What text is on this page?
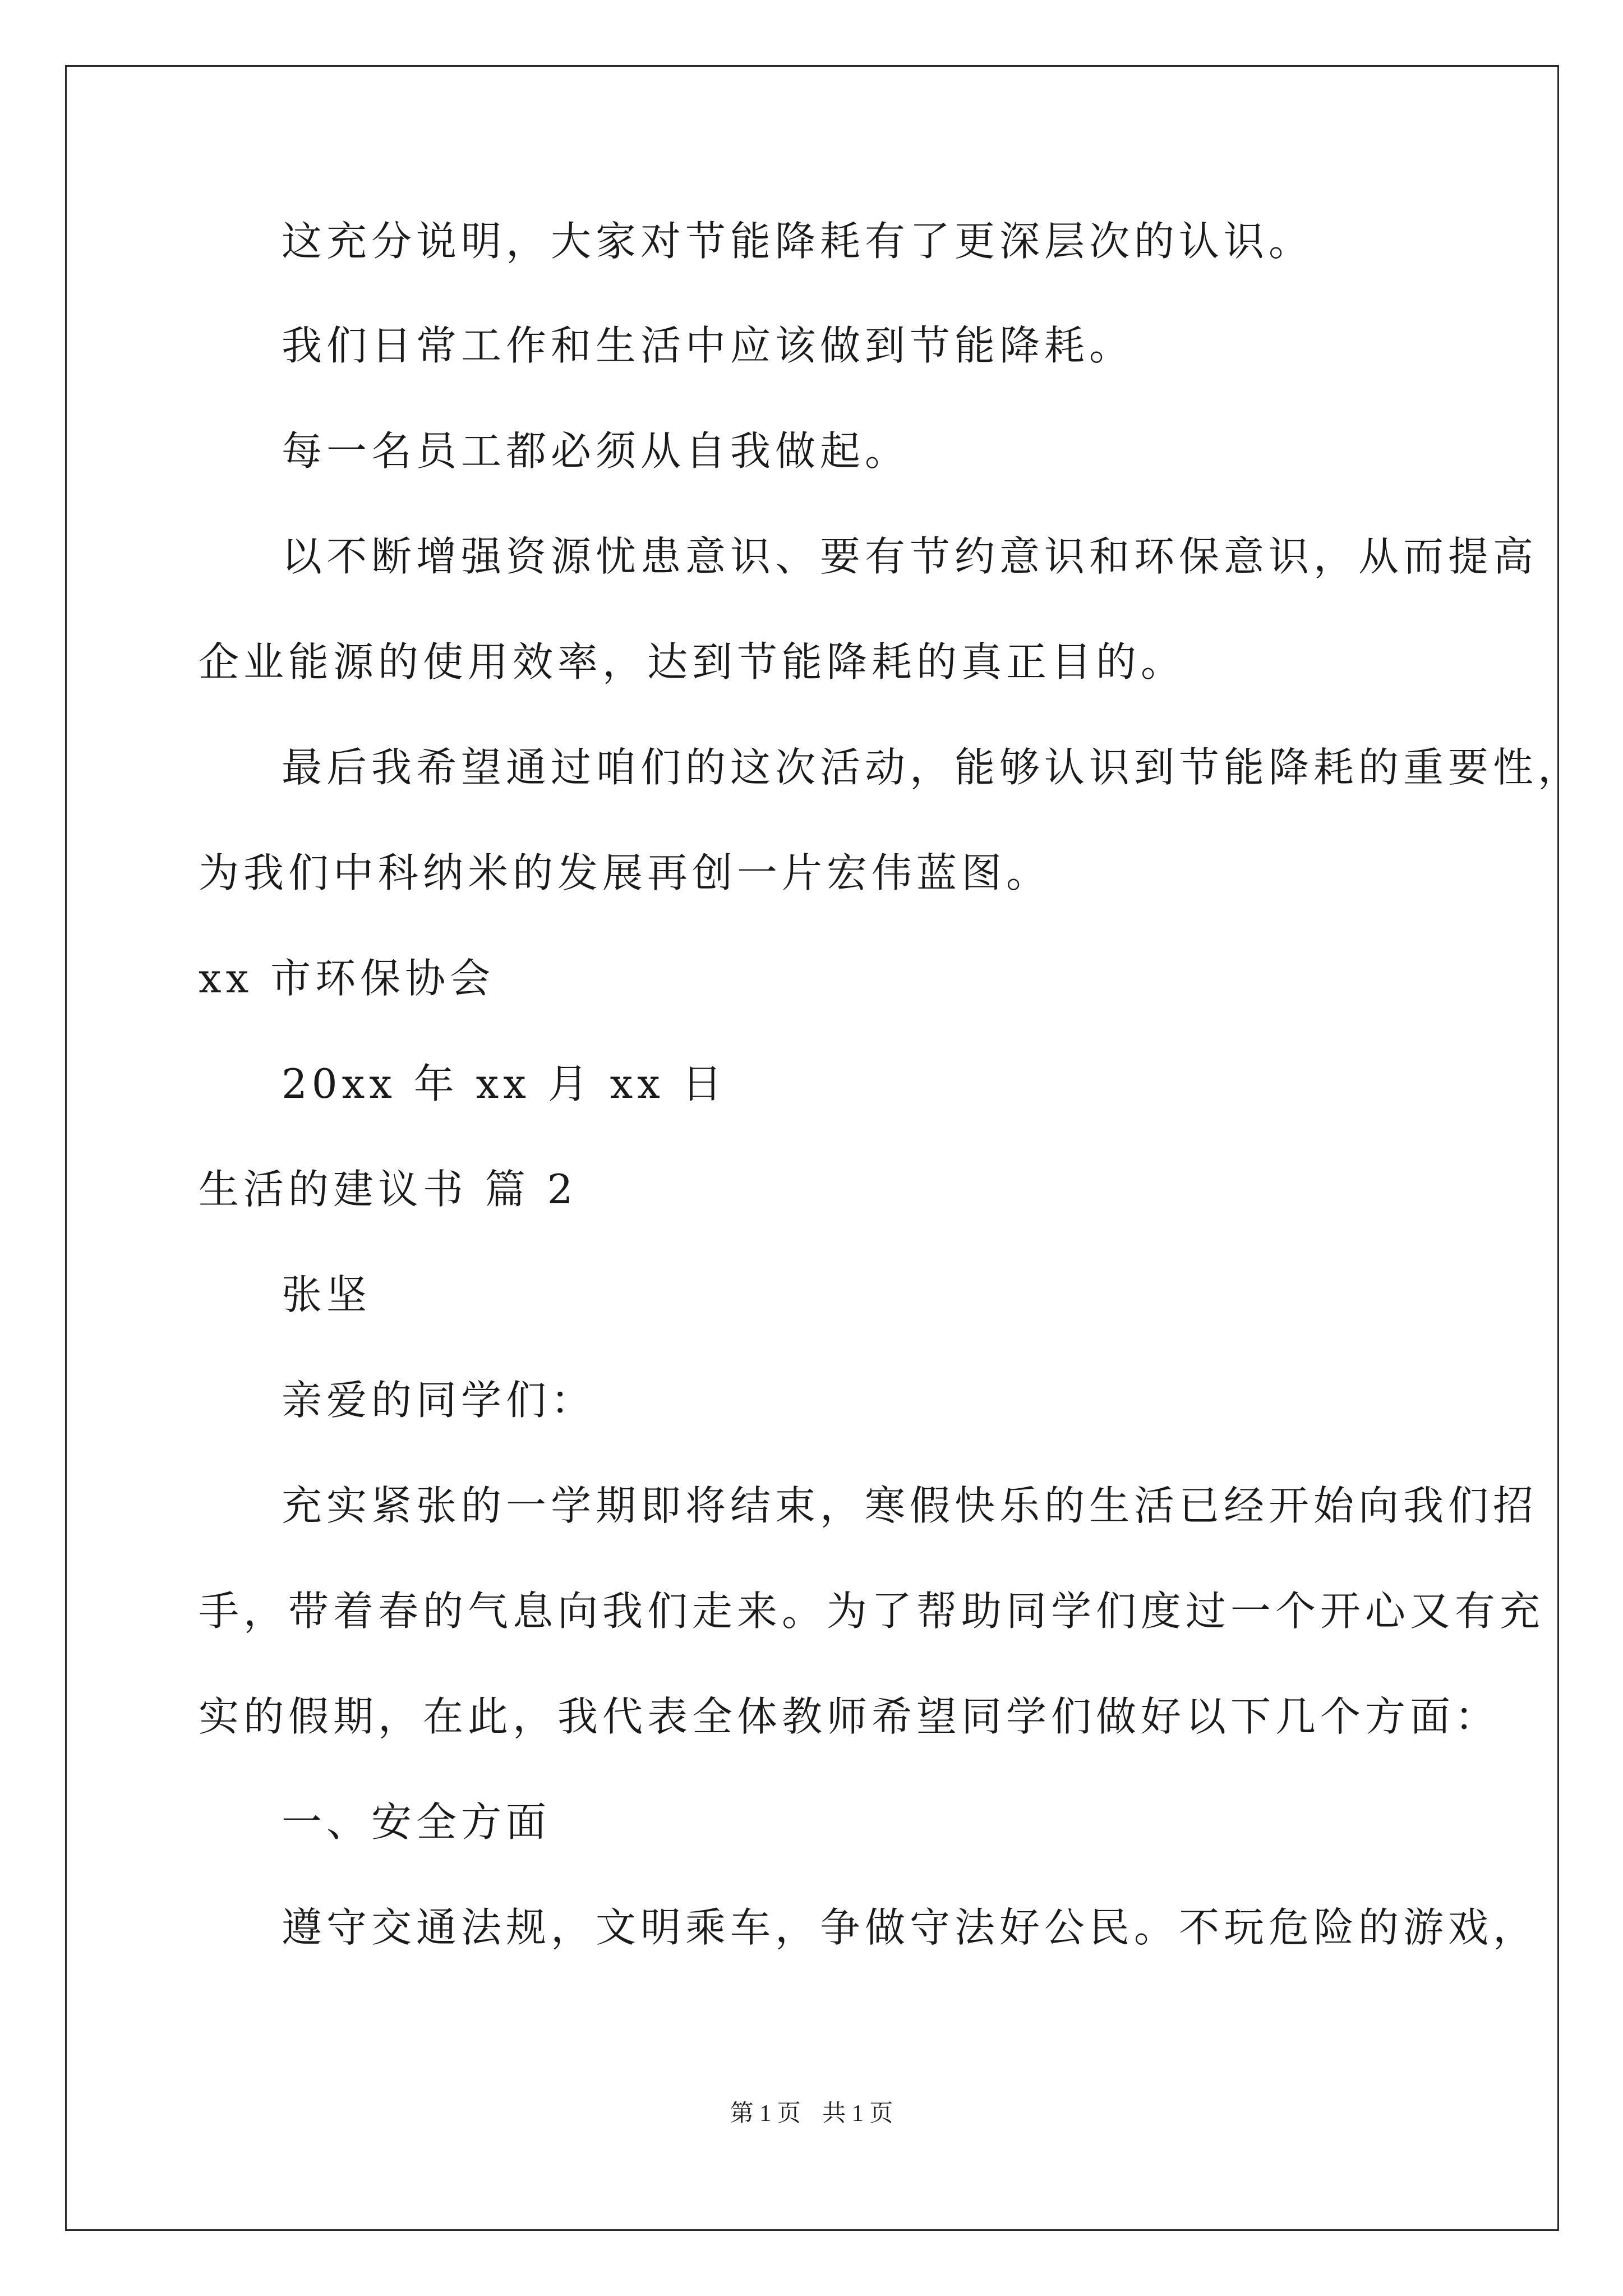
这充分说明，大家对节能降耗有了更深层次的认识。
我们日常工作和生活中应该做到节能降耗。
每一名员工都必须从自我做起。
以不断增强资源忧患意识、要有节约意识和环保意识，从而提高
企业能源的使用效率，达到节能降耗的真正目的。
最后我希望通过咱们的这次活动，能够认识到节能降耗的重要性，
为我们中科纳米的发展再创一片宏伟蓝图。
xx 市环保协会
20xx 年 xx 月 xx 日
生活的建议书 篇 2
张坚
亲爱的同学们：
充实紧张的一学期即将结束，寒假快乐的生活已经开始向我们招
手，带着春的气息向我们走来。为了帮助同学们度过一个开心又有充
实的假期，在此，我代表全体教师希望同学们做好以下几个方面：
一、安全方面
遵守交通法规，文明乘车，争做守法好公民。不玩危险的游戏，
第 1 页 共 1 页
